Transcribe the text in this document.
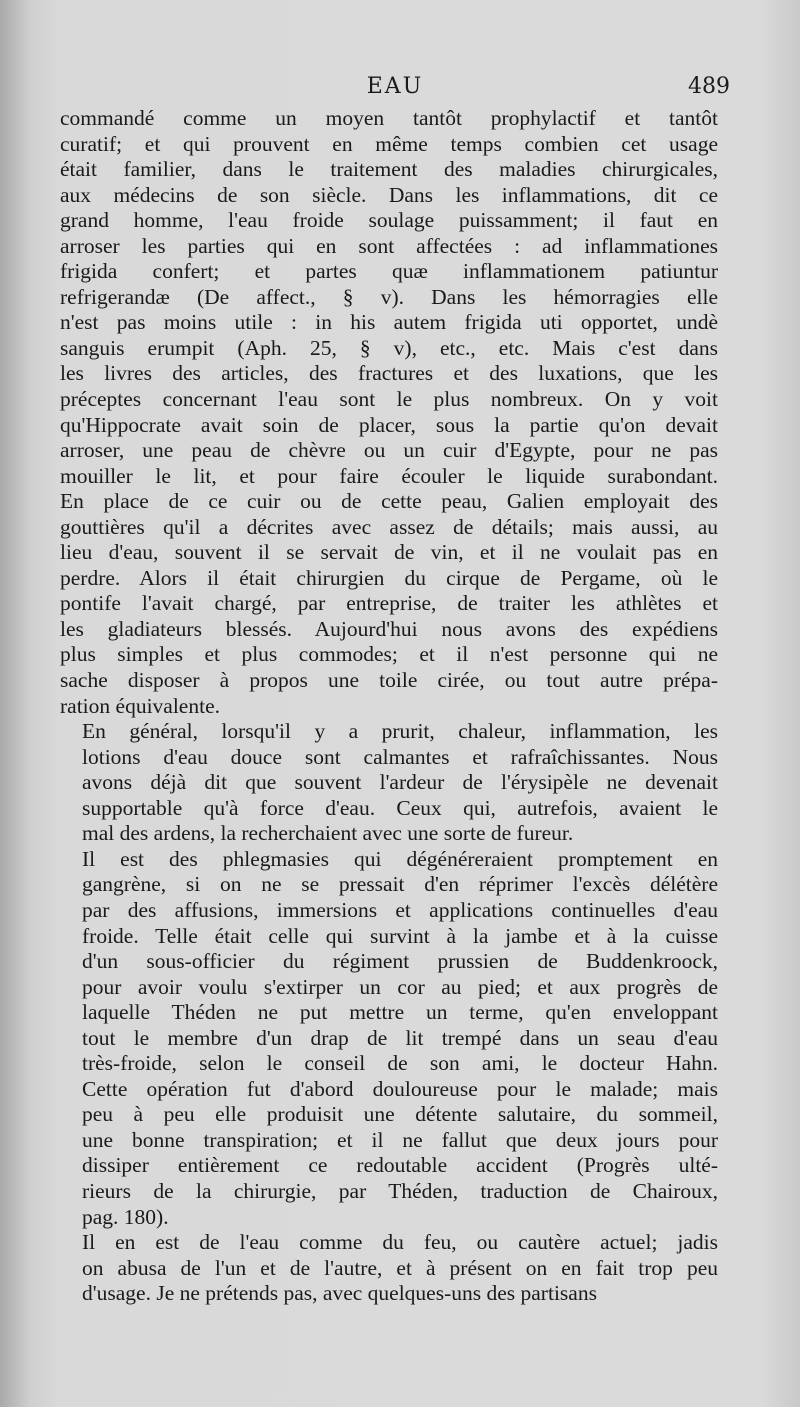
EAU	489

commandé comme un moyen tantôt prophylactif et tantôt
curatif; et qui prouvent en même temps combien cet usage
était familier, dans le traitement des maladies chirurgicales,
aux médecins de son siècle. Dans les inflammations, dit ce
grand homme, l'eau froide soulage puissamment; il faut en
arroser les parties qui en sont affectées : ad inflammationes
frigida confert; et partes quæ inflammationem patiuntur
refrigerandæ (De affect., § v). Dans les hémorragies elle
n'est pas moins utile : in his autem frigida uti opportet, undè
sanguis erumpit (Aph. 25, § v), etc., etc. Mais c'est dans
les livres des articles, des fractures et des luxations, que les
préceptes concernant l'eau sont le plus nombreux. On y voit
qu'Hippocrate avait soin de placer, sous la partie qu'on devait
arroser, une peau de chèvre ou un cuir d'Egypte, pour ne pas
mouiller le lit, et pour faire écouler le liquide surabondant.
En place de ce cuir ou de cette peau, Galien employait des
gouttières qu'il a décrites avec assez de détails; mais aussi, au
lieu d'eau, souvent il se servait de vin, et il ne voulait pas en
perdre. Alors il était chirurgien du cirque de Pergame, où le
pontife l'avait chargé, par entreprise, de traiter les athlètes et
les gladiateurs blessés. Aujourd'hui nous avons des expédiens
plus simples et plus commodes; et il n'est personne qui ne
sache disposer à propos une toile cirée, ou tout autre prépa-
ration équivalente.

En général, lorsqu'il y a prurit, chaleur, inflammation, les
lotions d'eau douce sont calmantes et rafraîchissantes. Nous
avons déjà dit que souvent l'ardeur de l'érysipèle ne devenait
supportable qu'à force d'eau. Ceux qui, autrefois, avaient le
mal des ardens, la recherchaient avec une sorte de fureur.

Il est des phlegmasies qui dégénéreraient promptement en
gangrène, si on ne se pressait d'en réprimer l'excès délétère
par des affusions, immersions et applications continuelles d'eau
froide. Telle était celle qui survint à la jambe et à la cuisse
d'un sous-officier du régiment prussien de Buddenkroock,
pour avoir voulu s'extirper un cor au pied; et aux progrès de
laquelle Théden ne put mettre un terme, qu'en enveloppant
tout le membre d'un drap de lit trempé dans un seau d'eau
très-froide, selon le conseil de son ami, le docteur Hahn.
Cette opération fut d'abord douloureuse pour le malade; mais
peu à peu elle produisit une détente salutaire, du sommeil,
une bonne transpiration; et il ne fallut que deux jours pour
dissiper entièrement ce redoutable accident (Progrès ulté-
rieurs de la chirurgie, par Théden, traduction de Chairoux,
pag. 180).

Il en est de l'eau comme du feu, ou cautère actuel; jadis
on abusa de l'un et de l'autre, et à présent on en fait trop peu
d'usage. Je ne prétends pas, avec quelques-uns des partisans
